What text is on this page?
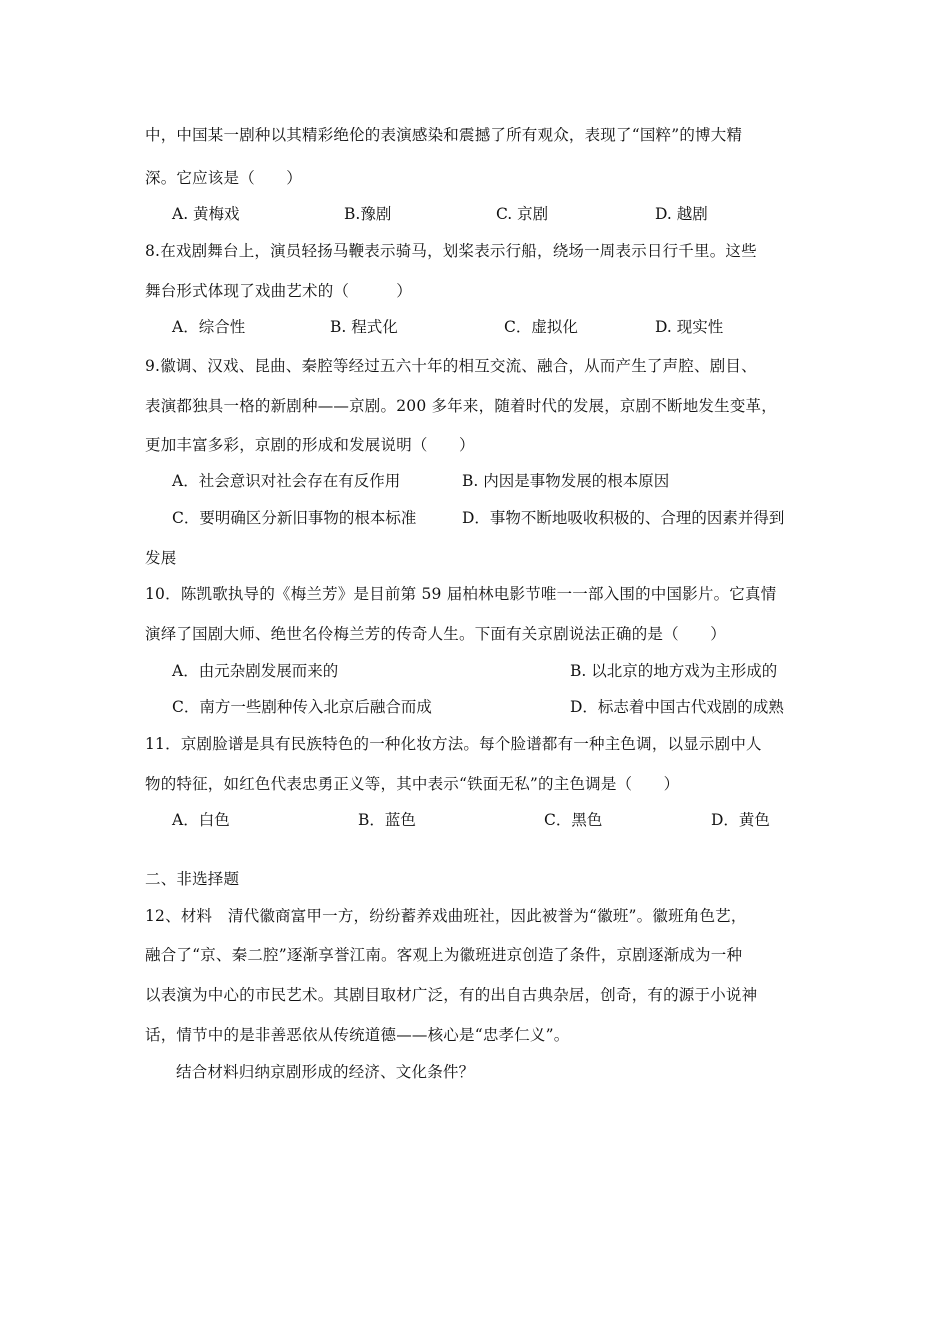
中，中国某一剧种以其精彩绝伦的表演感染和震撼了所有观众，表现了“国粹”的博大精
深。它应该是（　　）
A. 黄梅戏	B.豫剧	C. 京剧	D. 越剧
8.在戏剧舞台上，演员轻扬马鞭表示骑马，划桨表示行船，绕场一周表示日行千里。这些
舞台形式体现了戏曲艺术的（　　　）
A．综合性	B. 程式化	C．虚拟化	D. 现实性
9.徽调、汉戏、昆曲、秦腔等经过五六十年的相互交流、融合，从而产生了声腔、剧目、
表演都独具一格的新剧种——京剧。200 多年来，随着时代的发展，京剧不断地发生变革，
更加丰富多彩，京剧的形成和发展说明（　　）
A．社会意识对社会存在有反作用	B. 内因是事物发展的根本原因
C．要明确区分新旧事物的根本标准	D．事物不断地吸收积极的、合理的因素并得到
发展
10．陈凯歌执导的《梅兰芳》是目前第 59 届柏林电影节唯一一部入围的中国影片。它真情
演绎了国剧大师、绝世名伶梅兰芳的传奇人生。下面有关京剧说法正确的是（　　）
A．由元杂剧发展而来的	B. 以北京的地方戏为主形成的
C．南方一些剧种传入北京后融合而成	D．标志着中国古代戏剧的成熟
11．京剧脸谱是具有民族特色的一种化妆方法。每个脸谱都有一种主色调，以显示剧中人
物的特征，如红色代表忠勇正义等，其中表示“铁面无私”的主色调是（　　）
A．白色	B．蓝色	C．黑色	D．黄色
二、非选择题
12、材料　清代徽商富甲一方，纷纷蓄养戏曲班社，因此被誉为“徽班”。徽班角色艺，
融合了“京、秦二腔”逐渐享誉江南。客观上为徽班进京创造了条件，京剧逐渐成为一种
以表演为中心的市民艺术。其剧目取材广泛，有的出自古典杂居，创奇，有的源于小说神
话，情节中的是非善恶依从传统道德——核心是“忠孝仁义”。
结合材料归纳京剧形成的经济、文化条件？
